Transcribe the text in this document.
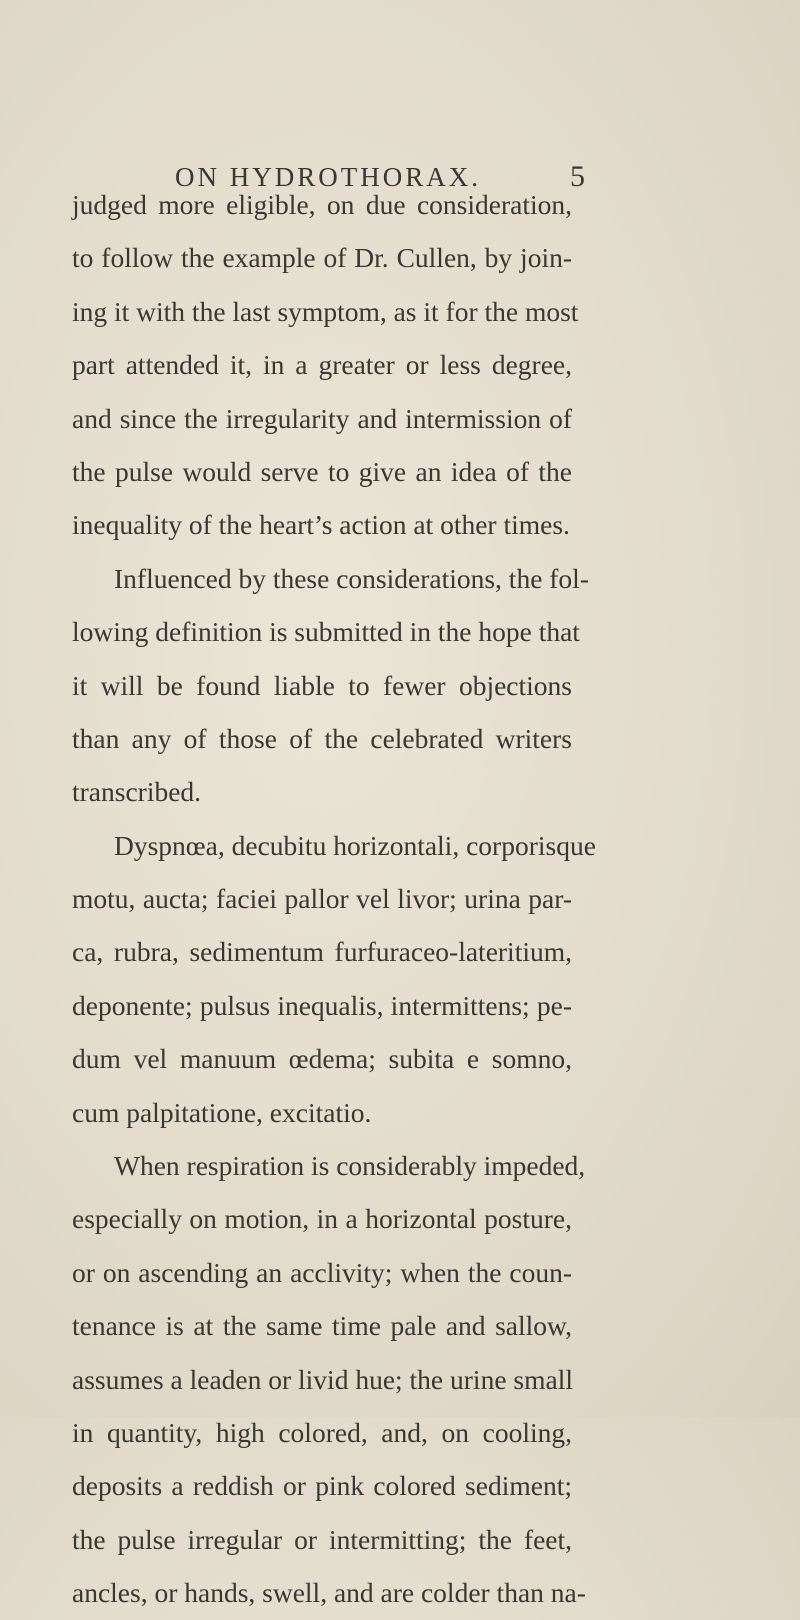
ON HYDROTHORAX.	5
judged more eligible, on due consideration,
to follow the example of Dr. Cullen, by join-
ing it with the last symptom, as it for the most
part attended it, in a greater or less degree,
and since the irregularity and intermission of
the pulse would serve to give an idea of the
inequality of the heart’s action at other times.
Influenced by these considerations, the fol-
lowing definition is submitted in the hope that
it will be found liable to fewer objections
than any of those of the celebrated writers
transcribed.
Dyspnœa, decubitu horizontali, corporisque
motu, aucta; faciei pallor vel livor; urina par-
ca, rubra, sedimentum furfuraceo-lateritium,
deponente; pulsus inequalis, intermittens; pe-
dum vel manuum œdema; subita e somno,
cum palpitatione, excitatio.
When respiration is considerably impeded,
especially on motion, in a horizontal posture,
or on ascending an acclivity; when the coun-
tenance is at the same time pale and sallow,
assumes a leaden or livid hue; the urine small
in quantity, high colored, and, on cooling,
deposits a reddish or pink colored sediment;
the pulse irregular or intermitting; the feet,
ancles, or hands, swell, and are colder than na-
